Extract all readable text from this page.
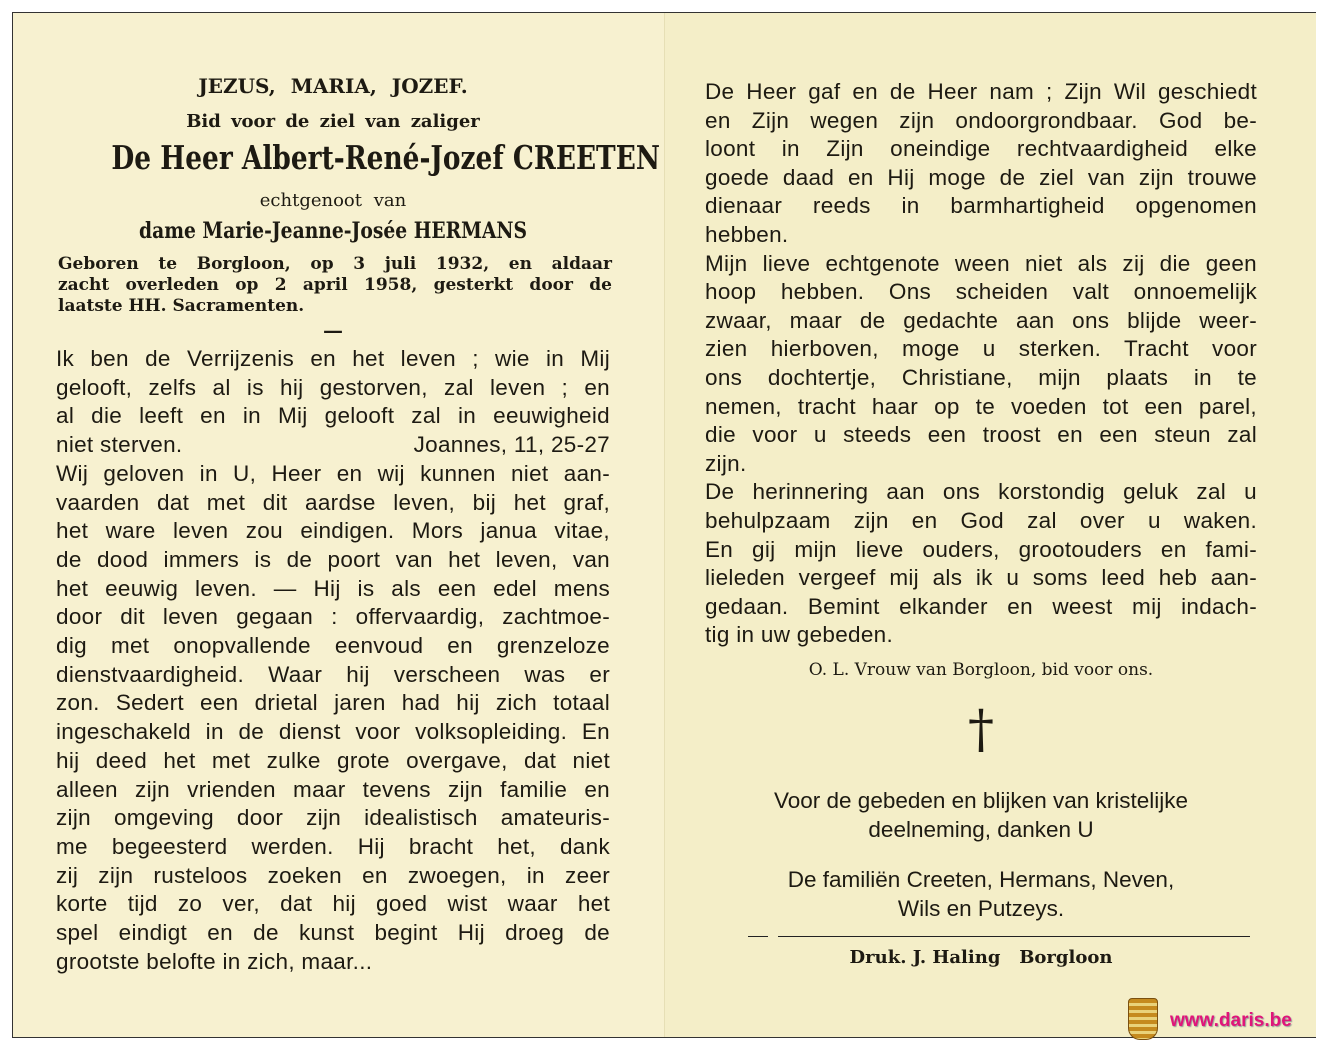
JEZUS, MARIA, JOZEF.
Bid voor de ziel van zaliger
De Heer Albert-René-Jozef CREETEN
echtgenoot van
dame Marie-Jeanne-Josée HERMANS
Geboren te Borgloon, op 3 juli 1932, en aldaar
zacht overleden op 2 april 1958, gesterkt door de
laatste HH. Sacramenten.
—
Ik ben de Verrijzenis en het leven ; wie in Mij
gelooft, zelfs al is hij gestorven, zal leven ; en
al die leeft en in Mij gelooft zal in eeuwigheid
niet sterven.	Joannes, 11, 25-27
Wij geloven in U, Heer en wij kunnen niet aan-
vaarden dat met dit aardse leven, bij het graf,
het ware leven zou eindigen. Mors janua vitae,
de dood immers is de poort van het leven, van
het eeuwig leven. — Hij is als een edel mens
door dit leven gegaan : offervaardig, zachtmoe-
dig met onopvallende eenvoud en grenzeloze
dienstvaardigheid. Waar hij verscheen was er
zon. Sedert een drietal jaren had hij zich totaal
ingeschakeld in de dienst voor volksopleiding. En
hij deed het met zulke grote overgave, dat niet
alleen zijn vrienden maar tevens zijn familie en
zijn omgeving door zijn idealistisch amateuris-
me begeesterd werden. Hij bracht het, dank
zij zijn rusteloos zoeken en zwoegen, in zeer
korte tijd zo ver, dat hij goed wist waar het
spel eindigt en de kunst begint Hij droeg de
grootste belofte in zich, maar...
De Heer gaf en de Heer nam ; Zijn Wil geschiedt
en Zijn wegen zijn ondoorgrondbaar. God be-
loont in Zijn oneindige rechtvaardigheid elke
goede daad en Hij moge de ziel van zijn trouwe
dienaar reeds in barmhartigheid opgenomen
hebben.
Mijn lieve echtgenote ween niet als zij die geen
hoop hebben. Ons scheiden valt onnoemelijk
zwaar, maar de gedachte aan ons blijde weer-
zien hierboven, moge u sterken. Tracht voor
ons dochtertje, Christiane, mijn plaats in te
nemen, tracht haar op te voeden tot een parel,
die voor u steeds een troost en een steun zal
zijn.
De herinnering aan ons korstondig geluk zal u
behulpzaam zijn en God zal over u waken.
En gij mijn lieve ouders, grootouders en fami-
lieleden vergeef mij als ik u soms leed heb aan-
gedaan. Bemint elkander en weest mij indach-
tig in uw gebeden.
O. L. Vrouw van Borgloon, bid voor ons.
†
Voor de gebeden en blijken van kristelijke
deelneming, danken U
De familiën Creeten, Hermans, Neven,
Wils en Putzeys.
Druk. J. Haling   Borgloon
www.daris.be
